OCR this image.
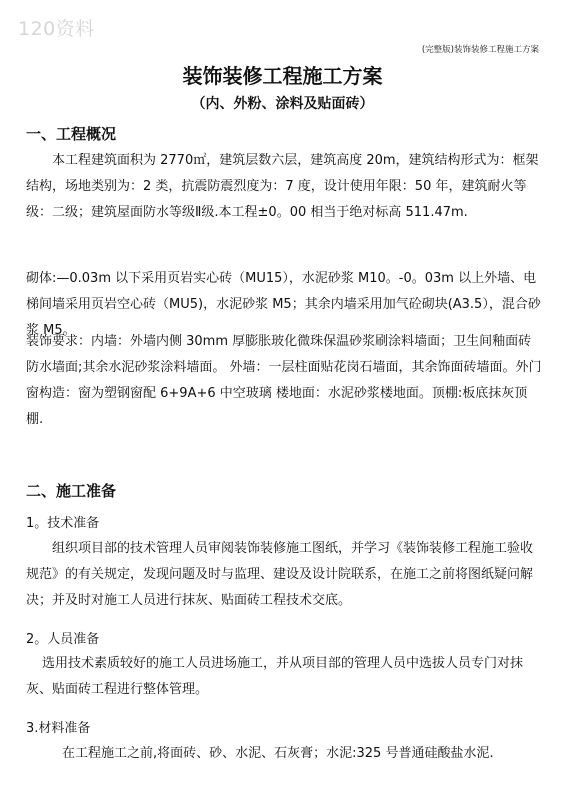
120资料
(完整版)装饰装修工程施工方案
装饰装修工程施工方案
（内、外粉、涂料及贴面砖）
一、工程概况

本工程建筑面积为 2770㎡，建筑层数六层，建筑高度 20m，建筑结构形式为：框架结构，场地类别为：2 类，抗震防震烈度为：7 度，设计使用年限：50 年，建筑耐火等级：二级；建筑屋面防水等级Ⅱ级.本工程±0。00 相当于绝对标高 511.47m.

砌体:—0.03m 以下采用页岩实心砖（MU15），水泥砂浆 M10。-0。03m 以上外墙、电梯间墙采用页岩空心砖（MU5)，水泥砂浆 M5；其余内墙采用加气砼砌块(A3.5），混合砂浆 M5。

装饰要求：内墙：外墙内侧 30mm 厚膨胀玻化微珠保温砂浆刷涂料墙面；卫生间釉面砖防水墙面;其余水泥砂浆涂料墙面。 外墙：一层柱面贴花岗石墙面，其余饰面砖墙面。外门窗构造：窗为塑钢窗配 6+9A+6 中空玻璃 楼地面：水泥砂浆楼地面。顶棚:板底抹灰顶棚.

二、施工准备
1。技术准备

组织项目部的技术管理人员审阅装饰装修施工图纸，并学习《装饰装修工程施工验收规范》的有关规定，发现问题及时与监理、建设及设计院联系，在施工之前将图纸疑问解决；并及时对施工人员进行抹灰、贴面砖工程技术交底。

2。人员准备

选用技术素质较好的施工人员进场施工，并从项目部的管理人员中选拔人员专门对抹灰、贴面砖工程进行整体管理。

3.材料准备

在工程施工之前,将面砖、砂、水泥、石灰膏；水泥:325 号普通硅酸盐水泥.
